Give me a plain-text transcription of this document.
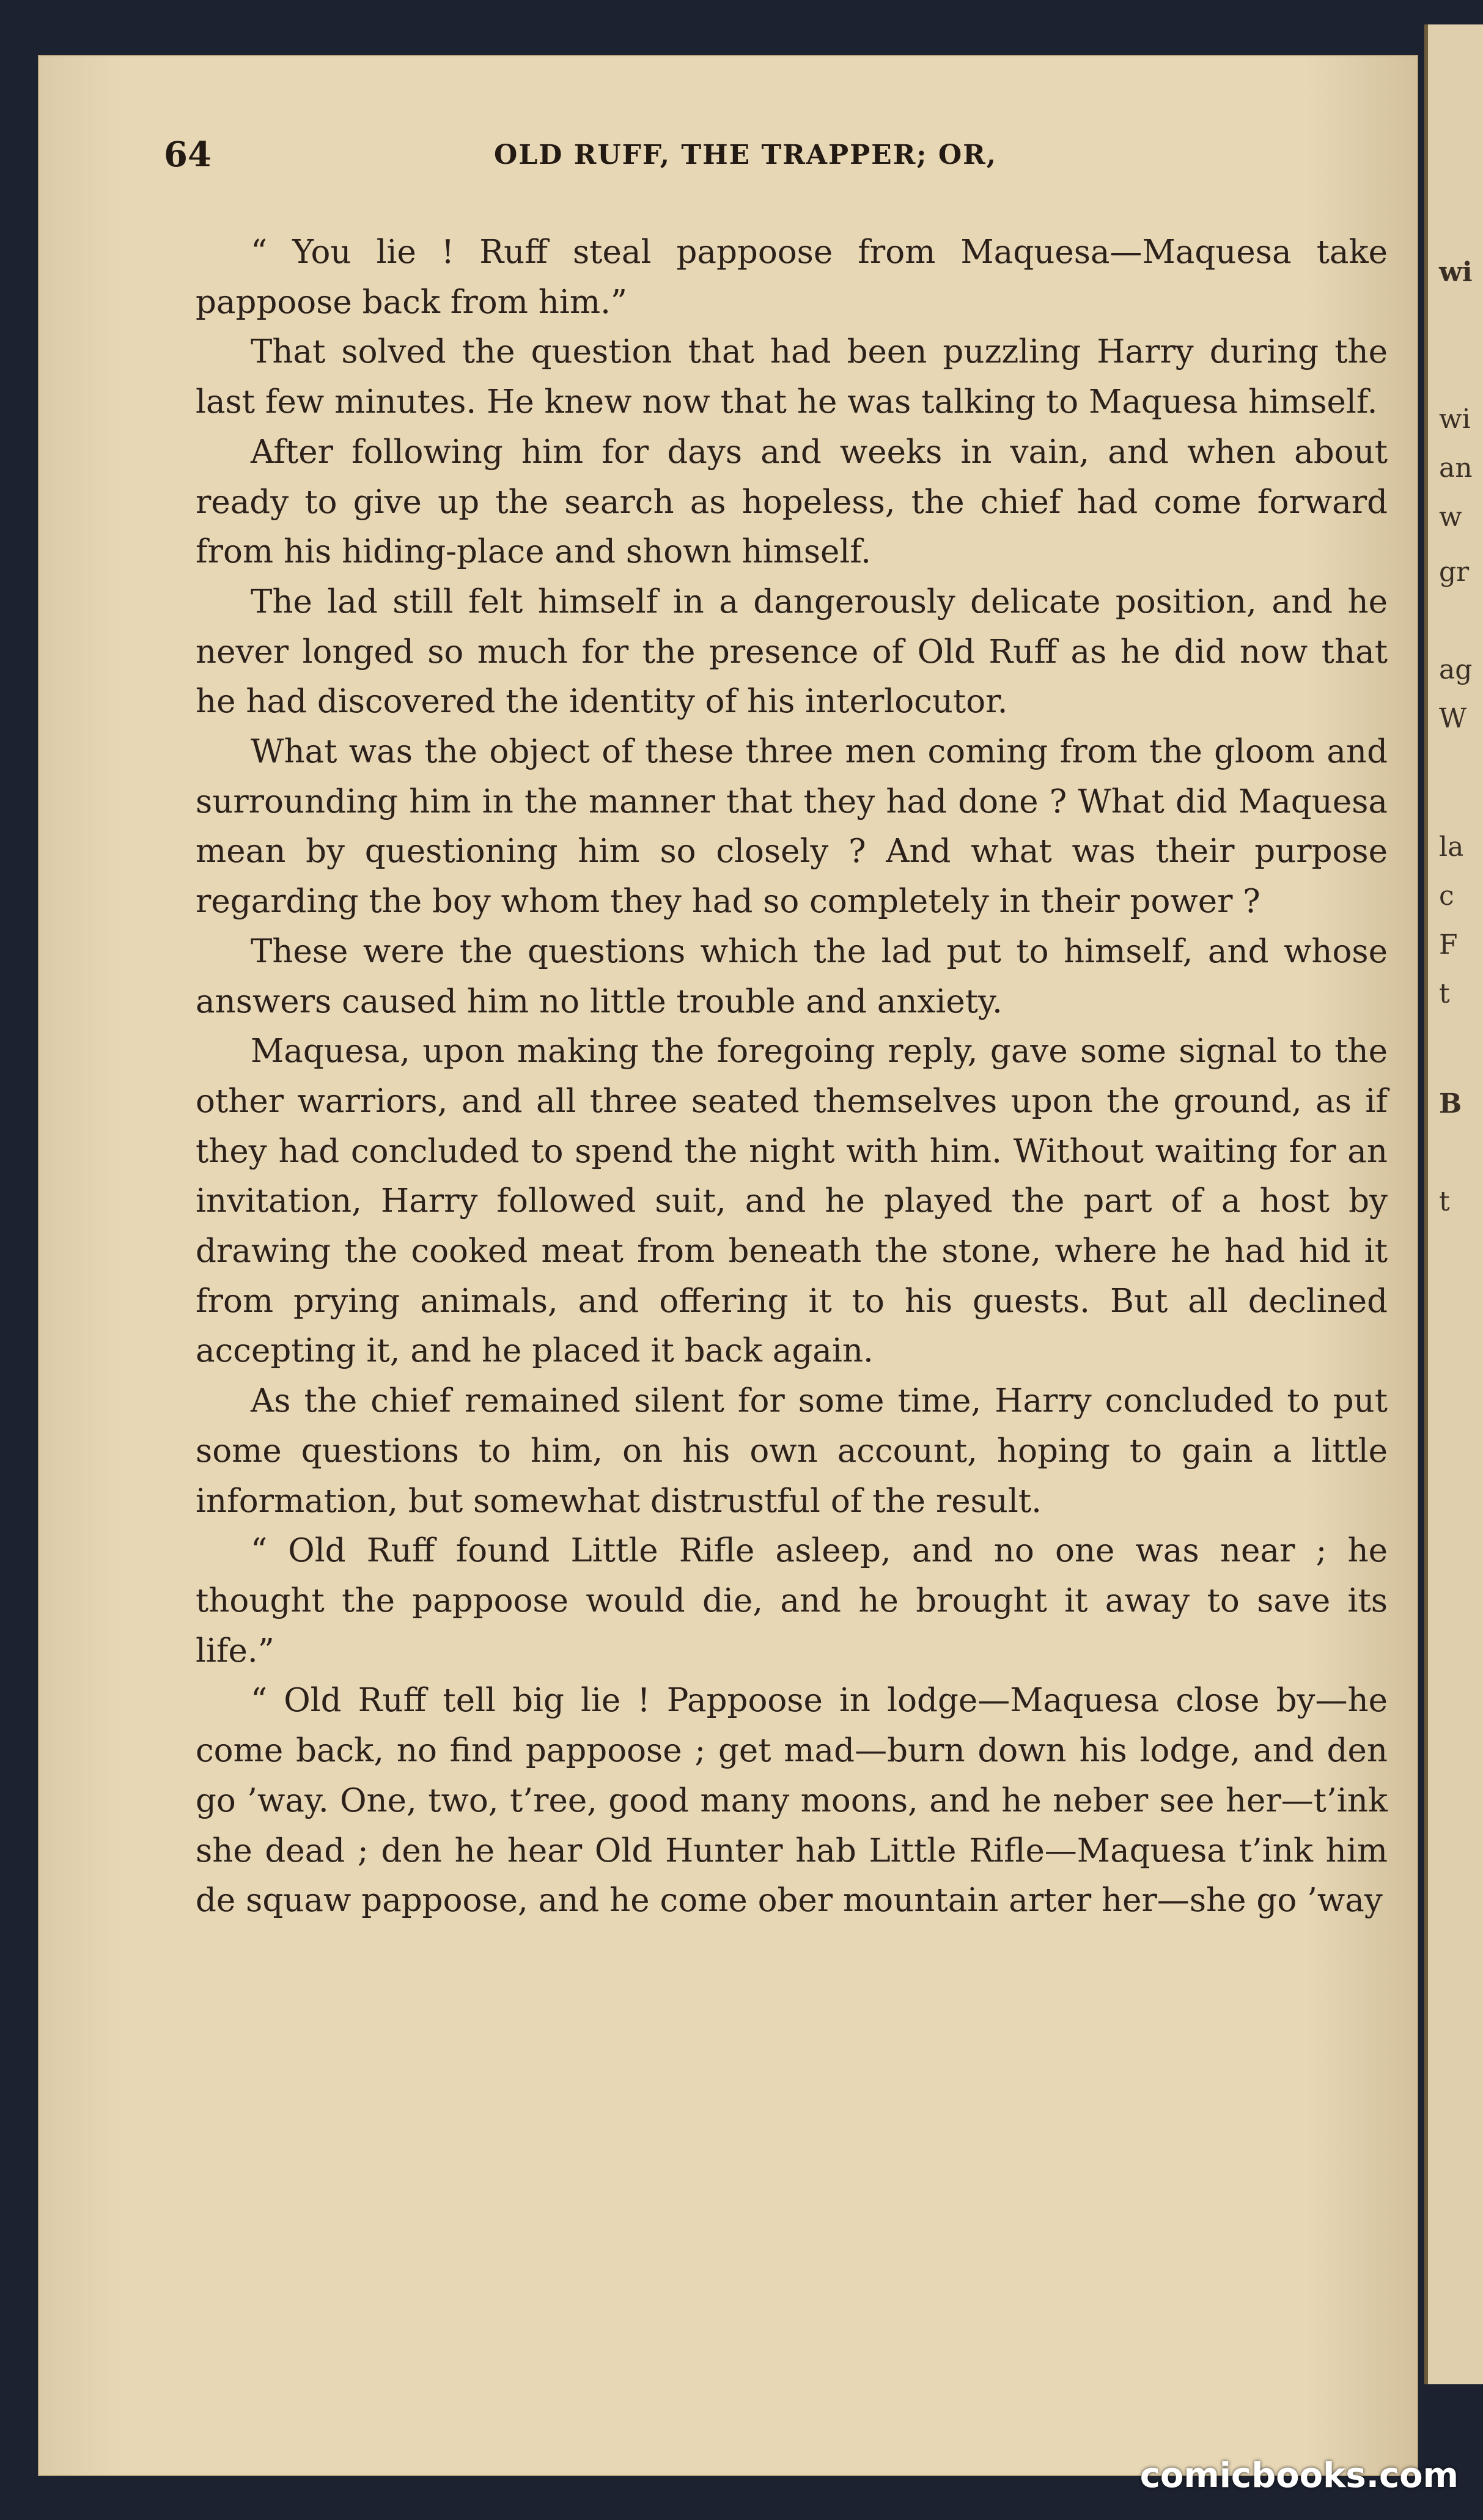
wi
wi
an
w
gr
ag
W
la
c
F
t
B
t
64	OLD RUFF, THE TRAPPER; OR,

“ You lie ! Ruff steal pappoose from Maquesa—Maquesa take pappoose back from him.”

That solved the question that had been puzzling Harry during the last few minutes. He knew now that he was talking to Maquesa himself.

After following him for days and weeks in vain, and when about ready to give up the search as hopeless, the chief had come forward from his hiding-place and shown himself.

The lad still felt himself in a dangerously delicate position, and he never longed so much for the presence of Old Ruff as he did now that he had discovered the identity of his interlocutor.

What was the object of these three men coming from the gloom and surrounding him in the manner that they had done ? What did Maquesa mean by questioning him so closely ? And what was their purpose regarding the boy whom they had so completely in their power ?

These were the questions which the lad put to himself, and whose answers caused him no little trouble and anxiety.

Maquesa, upon making the foregoing reply, gave some signal to the other warriors, and all three seated themselves upon the ground, as if they had concluded to spend the night with him. Without waiting for an invitation, Harry followed suit, and he played the part of a host by drawing the cooked meat from beneath the stone, where he had hid it from prying animals, and offering it to his guests. But all declined accepting it, and he placed it back again.

As the chief remained silent for some time, Harry concluded to put some questions to him, on his own account, hoping to gain a little information, but somewhat distrustful of the result.

“ Old Ruff found Little Rifle asleep, and no one was near ; he thought the pappoose would die, and he brought it away to save its life.”

“ Old Ruff tell big lie ! Pappoose in lodge—Maquesa close by—he come back, no find pappoose ; get mad—burn down his lodge, and den go ’way. One, two, t’ree, good many moons, and he neber see her—t’ink she dead ; den he hear Old Hunter hab Little Rifle—Maquesa t’ink him de squaw pappoose, and he come ober mountain arter her—she go ’way

comicbooks.com
